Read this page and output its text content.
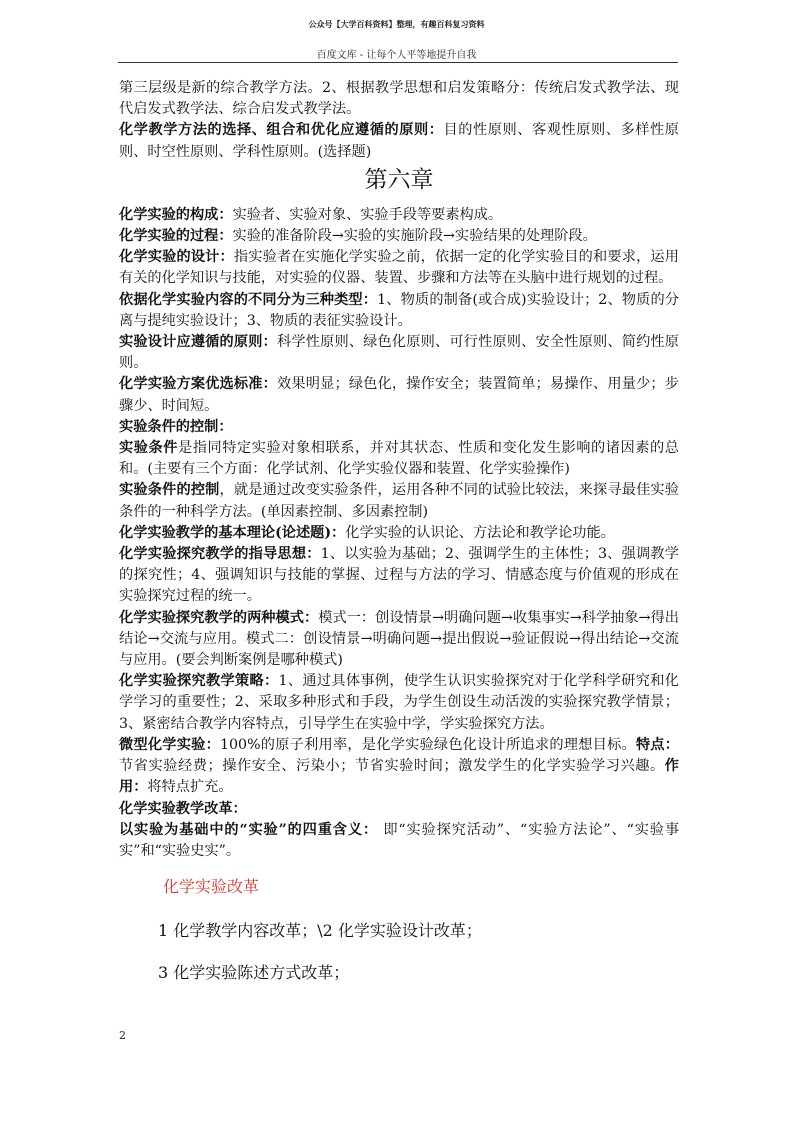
公众号【大学百科资料】整理，有趣百科复习资料
百度文库 - 让每个人平等地提升自我

第三层级是新的综合教学方法。2、根据教学思想和启发策略分：传统启发式教学法、现代启发式教学法、综合启发式教学法。

化学教学方法的选择、组合和优化应遵循的原则：目的性原则、客观性原则、多样性原则、时空性原则、学科性原则。(选择题)

第六章

化学实验的构成：实验者、实验对象、实验手段等要素构成。

化学实验的过程：实验的准备阶段→实验的实施阶段→实验结果的处理阶段。

化学实验的设计：指实验者在实施化学实验之前，依据一定的化学实验目的和要求，运用有关的化学知识与技能，对实验的仪器、装置、步骤和方法等在头脑中进行规划的过程。

依据化学实验内容的不同分为三种类型：1、物质的制备(或合成)实验设计；2、物质的分离与提纯实验设计；3、物质的表征实验设计。

实验设计应遵循的原则：科学性原则、绿色化原则、可行性原则、安全性原则、简约性原则。

化学实验方案优选标准：效果明显；绿色化，操作安全；装置简单；易操作、用量少；步骤少、时间短。

实验条件的控制：

实验条件是指同特定实验对象相联系，并对其状态、性质和变化发生影响的诸因素的总和。(主要有三个方面：化学试剂、化学实验仪器和装置、化学实验操作)

实验条件的控制，就是通过改变实验条件，运用各种不同的试验比较法，来探寻最佳实验条件的一种科学方法。(单因素控制、多因素控制)

化学实验教学的基本理论(论述题)：化学实验的认识论、方法论和教学论功能。

化学实验探究教学的指导思想：1、以实验为基础；2、强调学生的主体性；3、强调教学的探究性；4、强调知识与技能的掌握、过程与方法的学习、情感态度与价值观的形成在实验探究过程的统一。

化学实验探究教学的两种模式：模式一：创设情景→明确问题→收集事实→科学抽象→得出结论→交流与应用。模式二：创设情景→明确问题→提出假说→验证假说→得出结论→交流与应用。(要会判断案例是哪种模式)

化学实验探究教学策略：1、通过具体事例，使学生认识实验探究对于化学科学研究和化学学习的重要性；2、采取多种形式和手段，为学生创设生动活泼的实验探究教学情景；3、紧密结合教学内容特点，引导学生在实验中学，学实验探究方法。

微型化学实验：100%的原子利用率，是化学实验绿色化设计所追求的理想目标。特点：节省实验经费；操作安全、污染小；节省实验时间；激发学生的化学实验学习兴趣。作用：将特点扩充。

化学实验教学改革：

以实验为基础中的“实验”的四重含义： 即“实验探究活动”、“实验方法论”、“实验事实”和“实验史实”。

化学实验改革
1 化学教学内容改革；\2 化学实验设计改革；
3 化学实验陈述方式改革；
2
